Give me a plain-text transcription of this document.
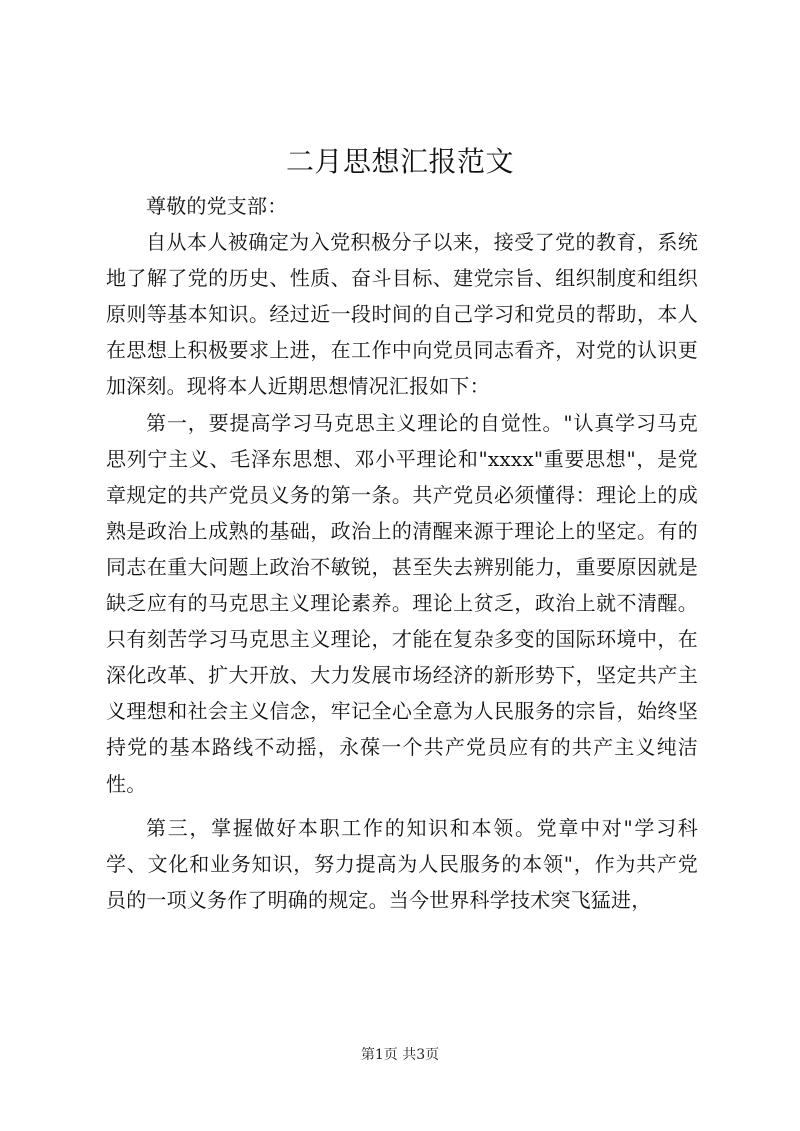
二月思想汇报范文

尊敬的党支部：

自从本人被确定为入党积极分子以来，接受了党的教育，系统地了解了党的历史、性质、奋斗目标、建党宗旨、组织制度和组织原则等基本知识。经过近一段时间的自己学习和党员的帮助，本人在思想上积极要求上进，在工作中向党员同志看齐，对党的认识更加深刻。现将本人近期思想情况汇报如下：

第一，要提高学习马克思主义理论的自觉性。"认真学习马克思列宁主义、毛泽东思想、邓小平理论和"xxxx"重要思想"，是党章规定的共产党员义务的第一条。共产党员必须懂得：理论上的成熟是政治上成熟的基础，政治上的清醒来源于理论上的坚定。有的同志在重大问题上政治不敏锐，甚至失去辨别能力，重要原因就是缺乏应有的马克思主义理论素养。理论上贫乏，政治上就不清醒。只有刻苦学习马克思主义理论，才能在复杂多变的国际环境中，在深化改革、扩大开放、大力发展市场经济的新形势下，坚定共产主义理想和社会主义信念，牢记全心全意为人民服务的宗旨，始终坚持党的基本路线不动摇，永葆一个共产党员应有的共产主义纯洁性。

第三，掌握做好本职工作的知识和本领。党章中对"学习科学、文化和业务知识，努力提高为人民服务的本领"，作为共产党员的一项义务作了明确的规定。当今世界科学技术突飞猛进，

第1页 共3页
